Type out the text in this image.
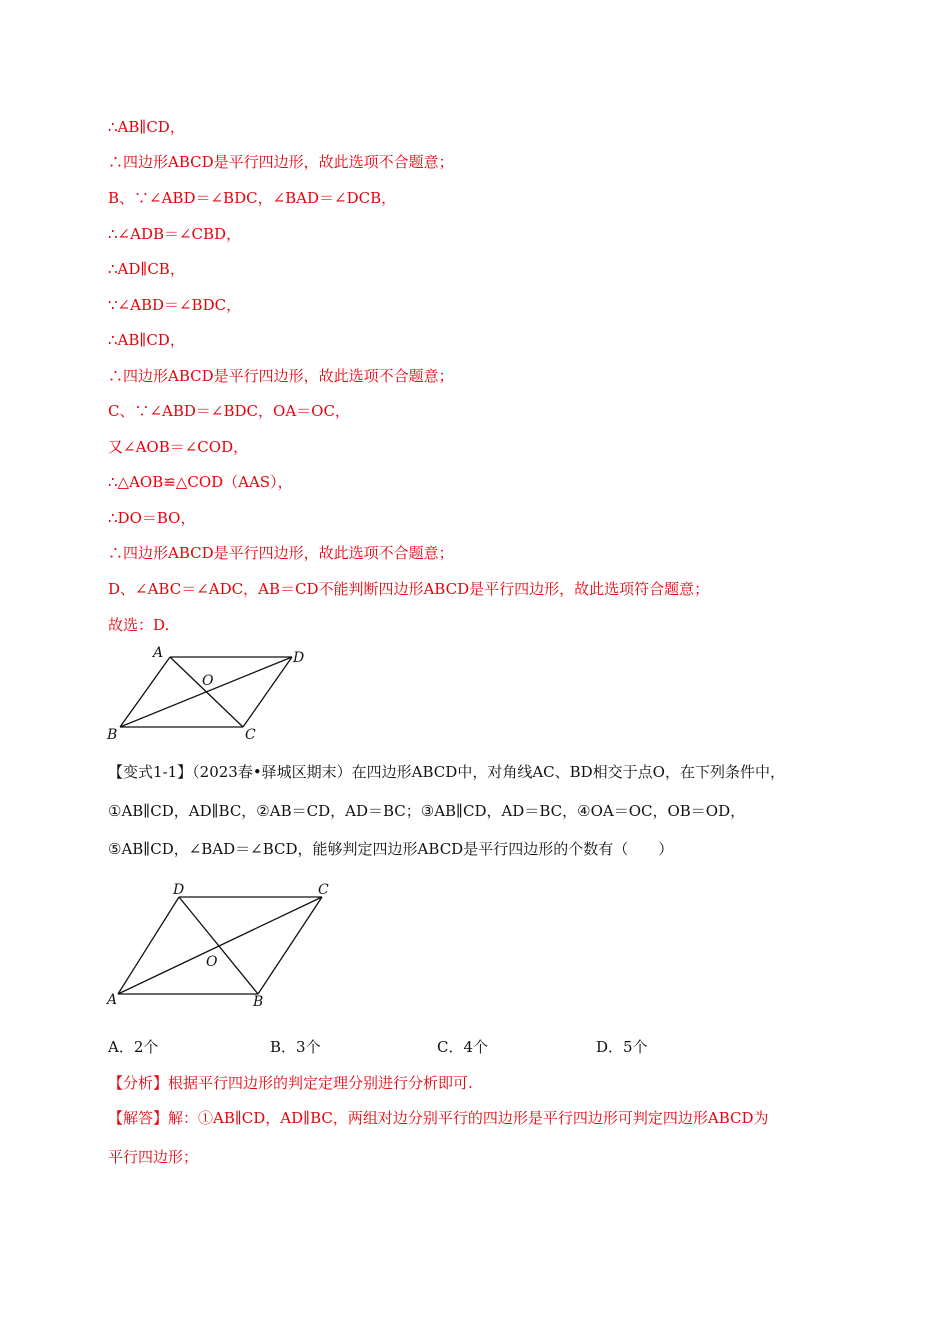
∴AB∥CD，
∴四边形ABCD是平行四边形，故此选项不合题意；
B、∵∠ABD＝∠BDC，∠BAD＝∠DCB，
∴∠ADB＝∠CBD，
∴AD∥CB，
∵∠ABD＝∠BDC，
∴AB∥CD，
∴四边形ABCD是平行四边形，故此选项不合题意；
C、∵∠ABD＝∠BDC，OA＝OC，
又∠AOB＝∠COD，
∴△AOB≌△COD（AAS），
∴DO＝BO，
∴四边形ABCD是平行四边形，故此选项不合题意；
D、∠ABC＝∠ADC，AB＝CD不能判断四边形ABCD是平行四边形，故此选项符合题意；
故选：D.
A	D
O
B	C
【变式1-1】（2023春•驿城区期末）在四边形ABCD中，对角线AC、BD相交于点O，在下列条件中，
①AB∥CD，AD∥BC，②AB＝CD，AD＝BC；③AB∥CD，AD＝BC，④OA＝OC，OB＝OD，
⑤AB∥CD，∠BAD＝∠BCD，能够判定四边形ABCD是平行四边形的个数有（　　）
D	C
O
A	B
A．2个	B．3个	C．4个	D．5个
【分析】根据平行四边形的判定定理分别进行分析即可.
【解答】解：①AB∥CD，AD∥BC，两组对边分别平行的四边形是平行四边形可判定四边形ABCD为
平行四边形；
